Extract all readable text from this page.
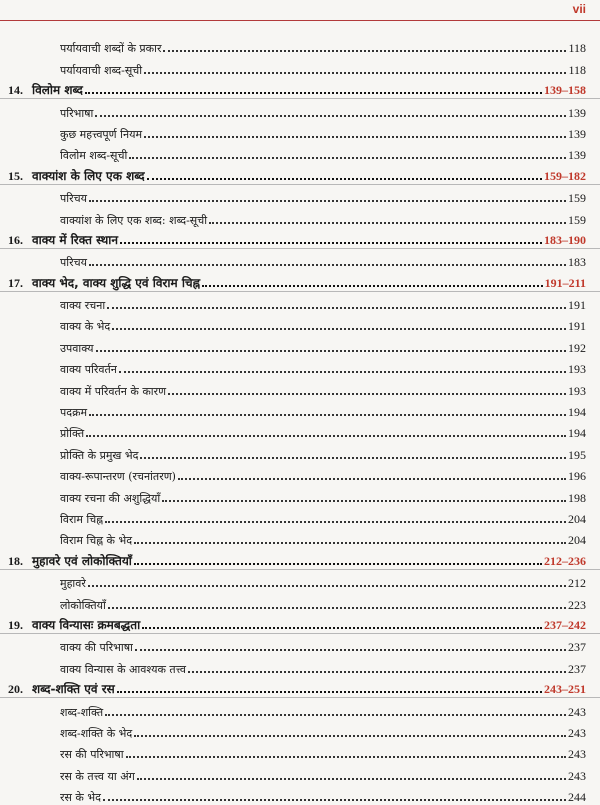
vii
पर्यायवाची शब्दों के प्रकार	118
पर्यायवाची शब्द-सूची	118
14. विलोम शब्द	139–158
परिभाषा	139
कुछ महत्त्वपूर्ण नियम	139
विलोम शब्द-सूची	139
15. वाक्यांश के लिए एक शब्द	159–182
परिचय	159
वाक्यांश के लिए एक शब्द: शब्द-सूची	159
16. वाक्य में रिक्त स्थान	183–190
परिचय	183
17. वाक्य भेद, वाक्य शुद्धि एवं विराम चिह्न	191–211
वाक्य रचना	191
वाक्य के भेद	191
उपवाक्य	192
वाक्य परिवर्तन	193
वाक्य में परिवर्तन के कारण	193
पदक्रम	194
प्रोक्ति	194
प्रोक्ति के प्रमुख भेद	195
वाक्य-रूपान्तरण (रचनांतरण)	196
वाक्य रचना की अशुद्धियाँ	198
विराम चिह्न	204
विराम चिह्न के भेद	204
18. मुहावरे एवं लोकोक्तियाँ	212–236
मुहावरे	212
लोकोक्तियाँ	223
19. वाक्य विन्यासः क्रमबद्धता	237–242
वाक्य की परिभाषा	237
वाक्य विन्यास के आवश्यक तत्त्व	237
20. शब्द-शक्ति एवं रस	243–251
शब्द-शक्ति	243
शब्द-शक्ति के भेद	243
रस की परिभाषा	243
रस के तत्त्व या अंग	243
रस के भेद	244
